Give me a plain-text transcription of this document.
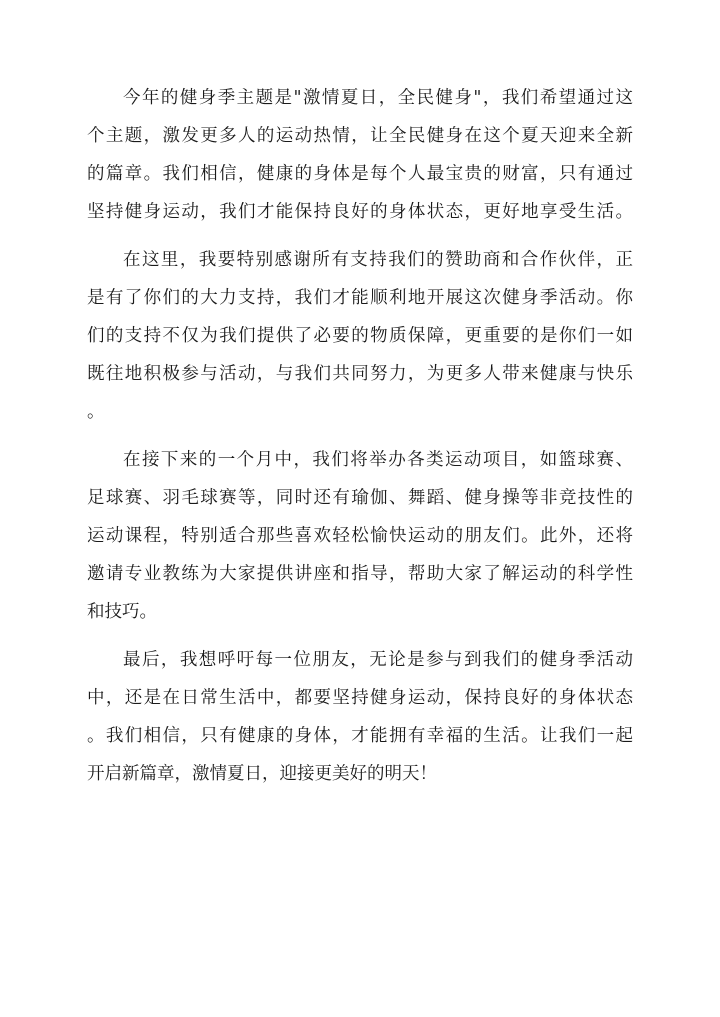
今年的健身季主题是"激情夏日，全民健身"，我们希望通过这
个主题，激发更多人的运动热情，让全民健身在这个夏天迎来全新
的篇章。我们相信，健康的身体是每个人最宝贵的财富，只有通过
坚持健身运动，我们才能保持良好的身体状态，更好地享受生活。

在这里，我要特别感谢所有支持我们的赞助商和合作伙伴，正
是有了你们的大力支持，我们才能顺利地开展这次健身季活动。你
们的支持不仅为我们提供了必要的物质保障，更重要的是你们一如
既往地积极参与活动，与我们共同努力，为更多人带来健康与快乐
。

在接下来的一个月中，我们将举办各类运动项目，如篮球赛、
足球赛、羽毛球赛等，同时还有瑜伽、舞蹈、健身操等非竞技性的
运动课程，特别适合那些喜欢轻松愉快运动的朋友们。此外，还将
邀请专业教练为大家提供讲座和指导，帮助大家了解运动的科学性
和技巧。

最后，我想呼吁每一位朋友，无论是参与到我们的健身季活动
中，还是在日常生活中，都要坚持健身运动，保持良好的身体状态
。我们相信，只有健康的身体，才能拥有幸福的生活。让我们一起
开启新篇章，激情夏日，迎接更美好的明天！
